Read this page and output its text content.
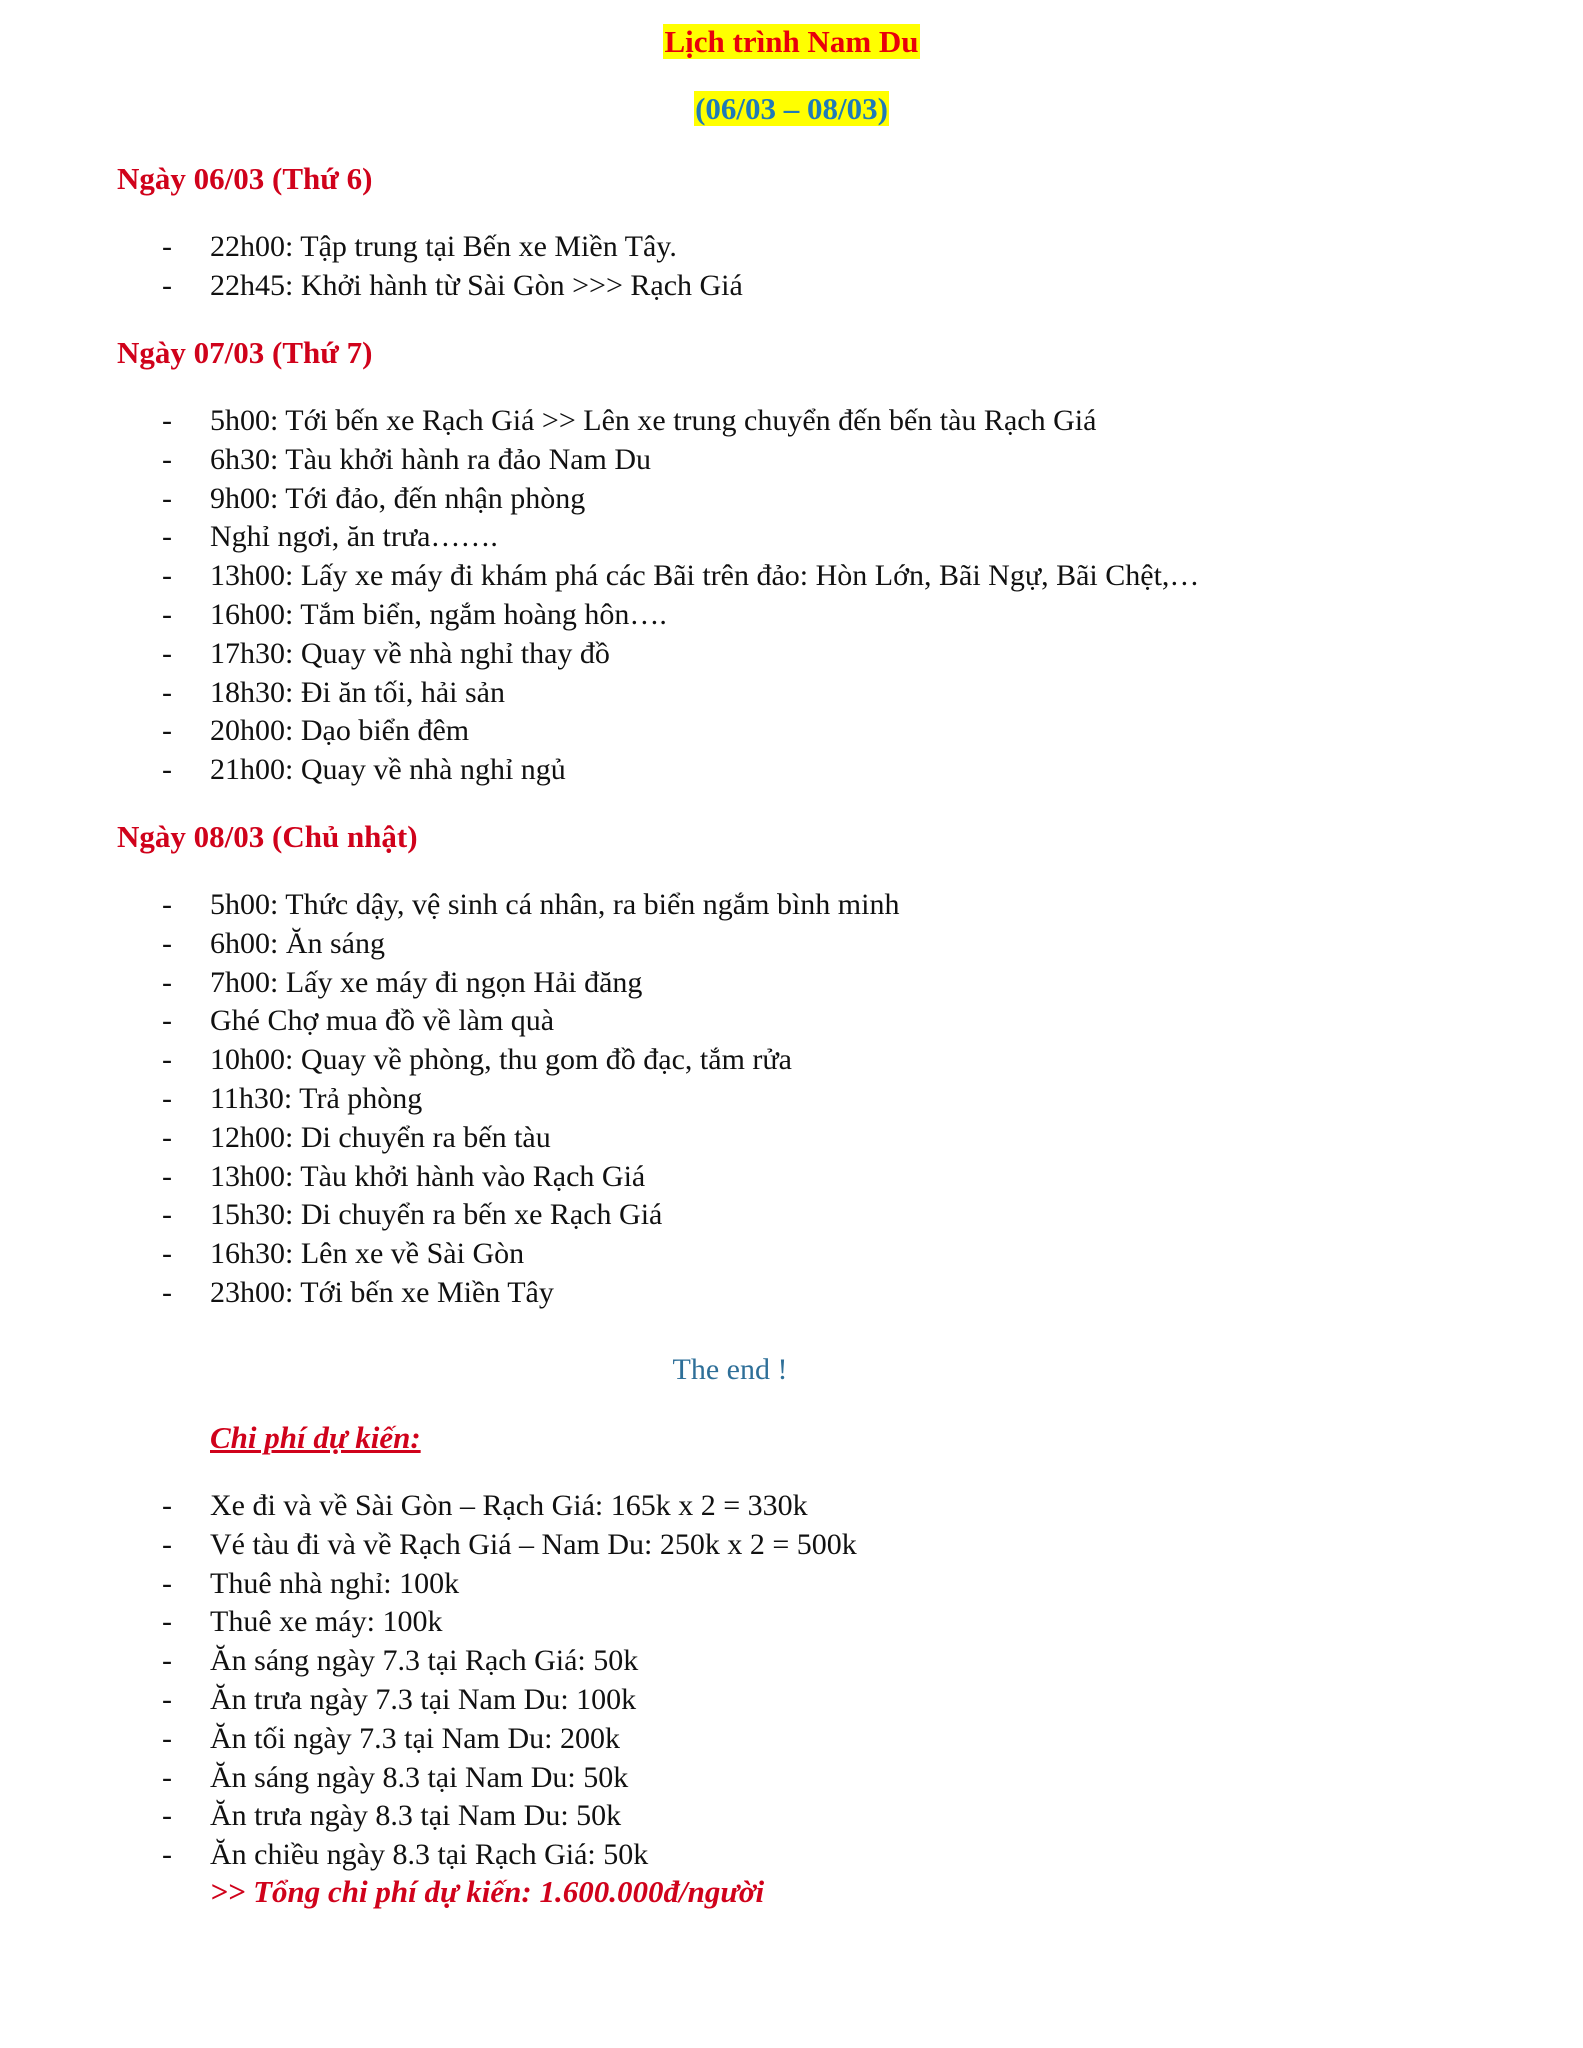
Lịch trình Nam Du
(06/03 – 08/03)
Ngày 06/03 (Thứ 6)
- 22h00: Tập trung tại Bến xe Miền Tây.
- 22h45: Khởi hành từ Sài Gòn >>> Rạch Giá
Ngày 07/03 (Thứ 7)
- 5h00: Tới bến xe Rạch Giá >> Lên xe trung chuyển đến bến tàu Rạch Giá
- 6h30: Tàu khởi hành ra đảo Nam Du
- 9h00: Tới đảo, đến nhận phòng
- Nghỉ ngơi, ăn trưa…….
- 13h00: Lấy xe máy đi khám phá các Bãi trên đảo: Hòn Lớn, Bãi Ngự, Bãi Chệt,…
- 16h00: Tắm biển, ngắm hoàng hôn….
- 17h30: Quay về nhà nghỉ thay đồ
- 18h30: Đi ăn tối, hải sản
- 20h00: Dạo biển đêm
- 21h00: Quay về nhà nghỉ ngủ
Ngày 08/03 (Chủ nhật)
- 5h00: Thức dậy, vệ sinh cá nhân, ra biển ngắm bình minh
- 6h00: Ăn sáng
- 7h00: Lấy xe máy đi ngọn Hải đăng
- Ghé Chợ mua đồ về làm quà
- 10h00: Quay về phòng, thu gom đồ đạc, tắm rửa
- 11h30: Trả phòng
- 12h00: Di chuyển ra bến tàu
- 13h00: Tàu khởi hành vào Rạch Giá
- 15h30: Di chuyển ra bến xe Rạch Giá
- 16h30: Lên xe về Sài Gòn
- 23h00: Tới bến xe Miền Tây
The end !
Chi phí dự kiến:
- Xe đi và về Sài Gòn – Rạch Giá: 165k x 2 = 330k
- Vé tàu đi và về Rạch Giá – Nam Du: 250k x 2 = 500k
- Thuê nhà nghỉ: 100k
- Thuê xe máy: 100k
- Ăn sáng ngày 7.3 tại Rạch Giá: 50k
- Ăn trưa ngày 7.3 tại Nam Du: 100k
- Ăn tối ngày 7.3 tại Nam Du: 200k
- Ăn sáng ngày 8.3 tại Nam Du: 50k
- Ăn trưa ngày 8.3 tại Nam Du: 50k
- Ăn chiều ngày 8.3 tại Rạch Giá: 50k
>> Tổng chi phí dự kiến: 1.600.000đ/người
